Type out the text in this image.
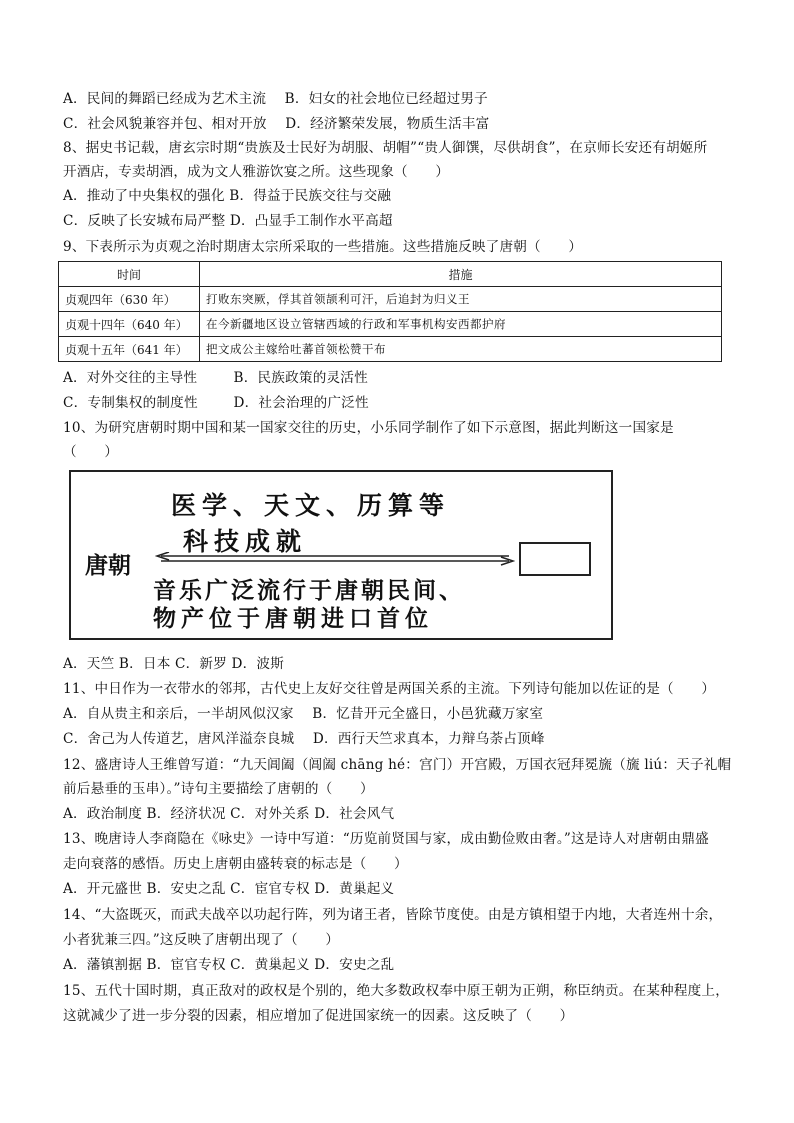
A．民间的舞蹈已经成为艺术主流 B．妇女的社会地位已经超过男子
C．社会风貌兼容并包、相对开放 D．经济繁荣发展，物质生活丰富
8、据史书记载，唐玄宗时期“贵族及士民好为胡服、胡帽”“贵人御馔，尽供胡食”，在京师长安还有胡姬所
开酒店，专卖胡酒，成为文人雅游饮宴之所。这些现象（　　）
A．推动了中央集权的强化 B．得益于民族交往与交融
C．反映了长安城布局严整 D．凸显手工制作水平高超
9、下表所示为贞观之治时期唐太宗所采取的一些措施。这些措施反映了唐朝（　　）
时间	措施
贞观四年（630 年）	打败东突厥，俘其首领颉利可汗，后追封为归义王
贞观十四年（640 年）	在今新疆地区设立管辖西域的行政和军事机构安西都护府
贞观十五年（641 年）	把文成公主嫁给吐蕃首领松赞干布
A．对外交往的主导性	B．民族政策的灵活性
C．专制集权的制度性	D．社会治理的广泛性
10、为研究唐朝时期中国和某一国家交往的历史，小乐同学制作了如下示意图，据此判断这一国家是
（　　）
医学、天文、历算等
科技成就
唐朝
音乐广泛流行于唐朝民间、
物产位于唐朝进口首位
A．天竺 B．日本 C．新罗 D．波斯
11、中日作为一衣带水的邻邦，古代史上友好交往曾是两国关系的主流。下列诗句能加以佐证的是（　　）
A．自从贵主和亲后，一半胡风似汉家 B．忆昔开元全盛日，小邑犹藏万家室
C．舍己为人传道艺，唐风洋溢奈良城 D．西行天竺求真本，力辩乌荼占顶峰
12、盛唐诗人王维曾写道：“九天阊阖（阊阖 chāng hé：宫门）开宫殿，万国衣冠拜冕旒（旒 liú：天子礼帽
前后悬垂的玉串）。”诗句主要描绘了唐朝的（　　）
A．政治制度 B．经济状况 C．对外关系 D．社会风气
13、晚唐诗人李商隐在《咏史》一诗中写道：“历览前贤国与家，成由勤俭败由奢。”这是诗人对唐朝由鼎盛
走向衰落的感悟。历史上唐朝由盛转衰的标志是（　　）
A．开元盛世 B．安史之乱 C．宦官专权 D．黄巢起义
14、“大盗既灭，而武夫战卒以功起行阵，列为诸王者，皆除节度使。由是方镇相望于内地，大者连州十余，
小者犹兼三四。”这反映了唐朝出现了（　　）
A．藩镇割据 B．宦官专权 C．黄巢起义 D．安史之乱
15、五代十国时期，真正敌对的政权是个别的，绝大多数政权奉中原王朝为正朔，称臣纳贡。在某种程度上，
这就减少了进一步分裂的因素，相应增加了促进国家统一的因素。这反映了（　　）
